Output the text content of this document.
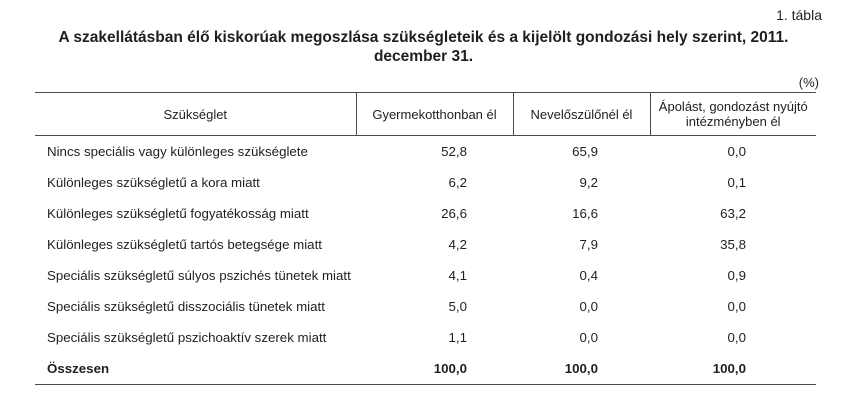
1. tábla
A szakellátásban élő kiskorúak megoszlása szükségleteik és a kijelölt gondozási hely szerint, 2011. december 31.
(%)
Szükséglet	Gyermekotthonban él	Nevelőszülőnél él	Ápolást, gondozást nyújtó intézményben él
Nincs speciális vagy különleges szükséglete	52,8	65,9	0,0
Különleges szükségletű a kora miatt	6,2	9,2	0,1
Különleges szükségletű fogyatékosság miatt	26,6	16,6	63,2
Különleges szükségletű tartós betegsége miatt	4,2	7,9	35,8
Speciális szükségletű súlyos pszichés tünetek miatt	4,1	0,4	0,9
Speciális szükségletű disszociális tünetek miatt	5,0	0,0	0,0
Speciális szükségletű pszichoaktív szerek miatt	1,1	0,0	0,0
Összesen	100,0	100,0	100,0
